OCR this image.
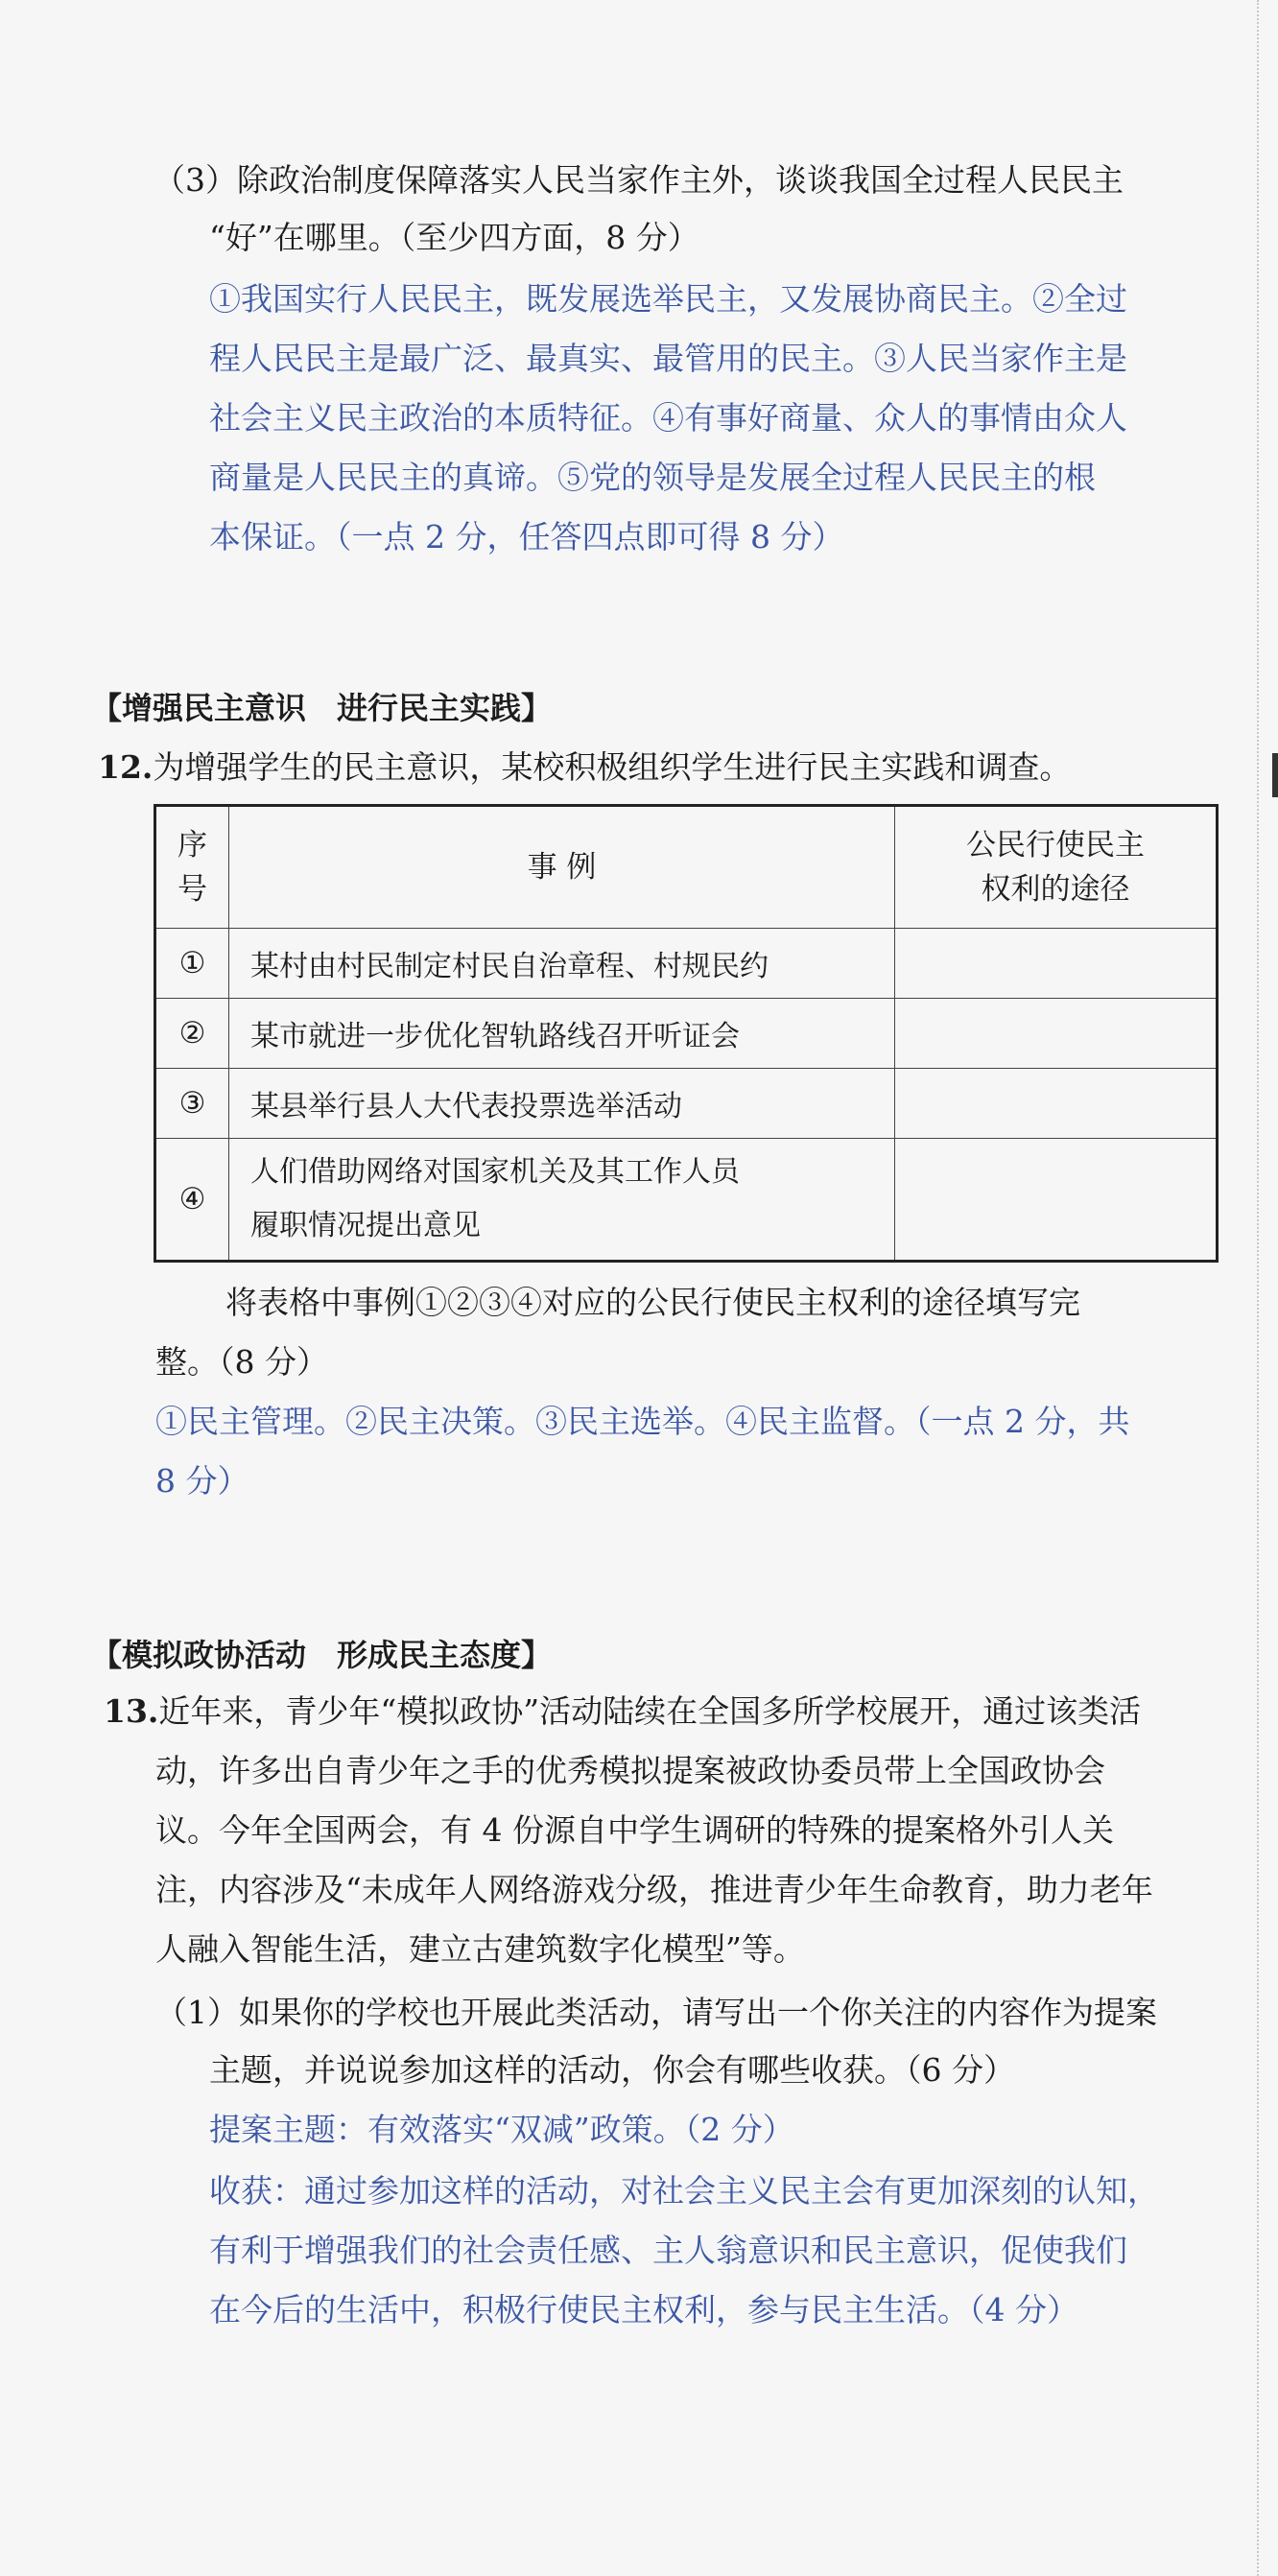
（3）除政治制度保障落实人民当家作主外，谈谈我国全过程人民民主
“好”在哪里。（至少四方面，8 分）
①我国实行人民民主，既发展选举民主，又发展协商民主。②全过
程人民民主是最广泛、最真实、最管用的民主。③人民当家作主是
社会主义民主政治的本质特征。④有事好商量、众人的事情由众人
商量是人民民主的真谛。⑤党的领导是发展全过程人民民主的根
本保证。（一点 2 分，任答四点即可得 8 分）
【增强民主意识　进行民主实践】
12.为增强学生的民主意识，某校积极组织学生进行民主实践和调查。
序号	事 例	公民行使民主
权利的途径

①	某村由村民制定村民自治章程、村规民约	
②	某市就进一步优化智轨路线召开听证会	
③	某县举行县人大代表投票选举活动	
④	人们借助网络对国家机关及其工作人员
履职情况提出意见	

将表格中事例①②③④对应的公民行使民主权利的途径填写完
整。（8 分）
①民主管理。②民主决策。③民主选举。④民主监督。（一点 2 分，共
8 分）
【模拟政协活动　形成民主态度】
13.近年来，青少年“模拟政协”活动陆续在全国多所学校展开，通过该类活
动，许多出自青少年之手的优秀模拟提案被政协委员带上全国政协会
议。今年全国两会，有 4 份源自中学生调研的特殊的提案格外引人关
注，内容涉及“未成年人网络游戏分级，推进青少年生命教育，助力老年
人融入智能生活，建立古建筑数字化模型”等。
（1）如果你的学校也开展此类活动，请写出一个你关注的内容作为提案
主题，并说说参加这样的活动，你会有哪些收获。（6 分）
提案主题：有效落实“双减”政策。（2 分）
收获：通过参加这样的活动，对社会主义民主会有更加深刻的认知，
有利于增强我们的社会责任感、主人翁意识和民主意识，促使我们
在今后的生活中，积极行使民主权利，参与民主生活。（4 分）
